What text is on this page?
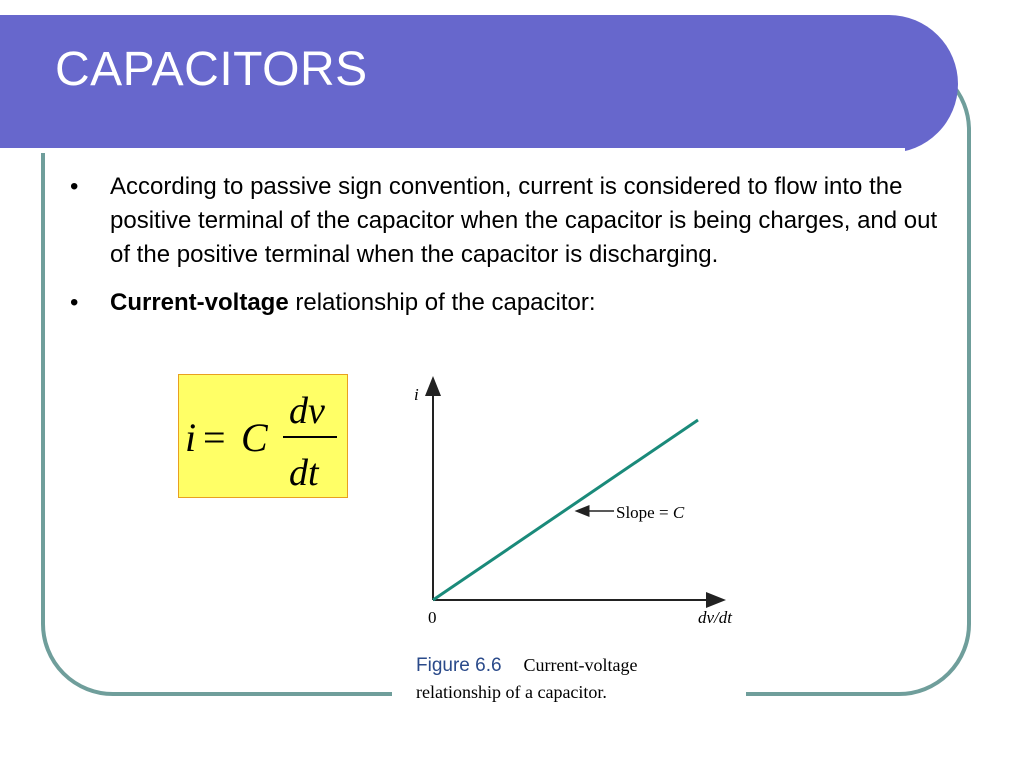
CAPACITORS
•	According to passive sign convention, current is considered to flow into the positive terminal of the capacitor when the capacitor is being charges, and out of the positive terminal when the capacitor is discharging.
•	Current-voltage relationship of the capacitor:
i = C
dv
dt
i
0	dv/dt
Slope = C
Figure 6.6 Current-voltage
relationship of a capacitor.
